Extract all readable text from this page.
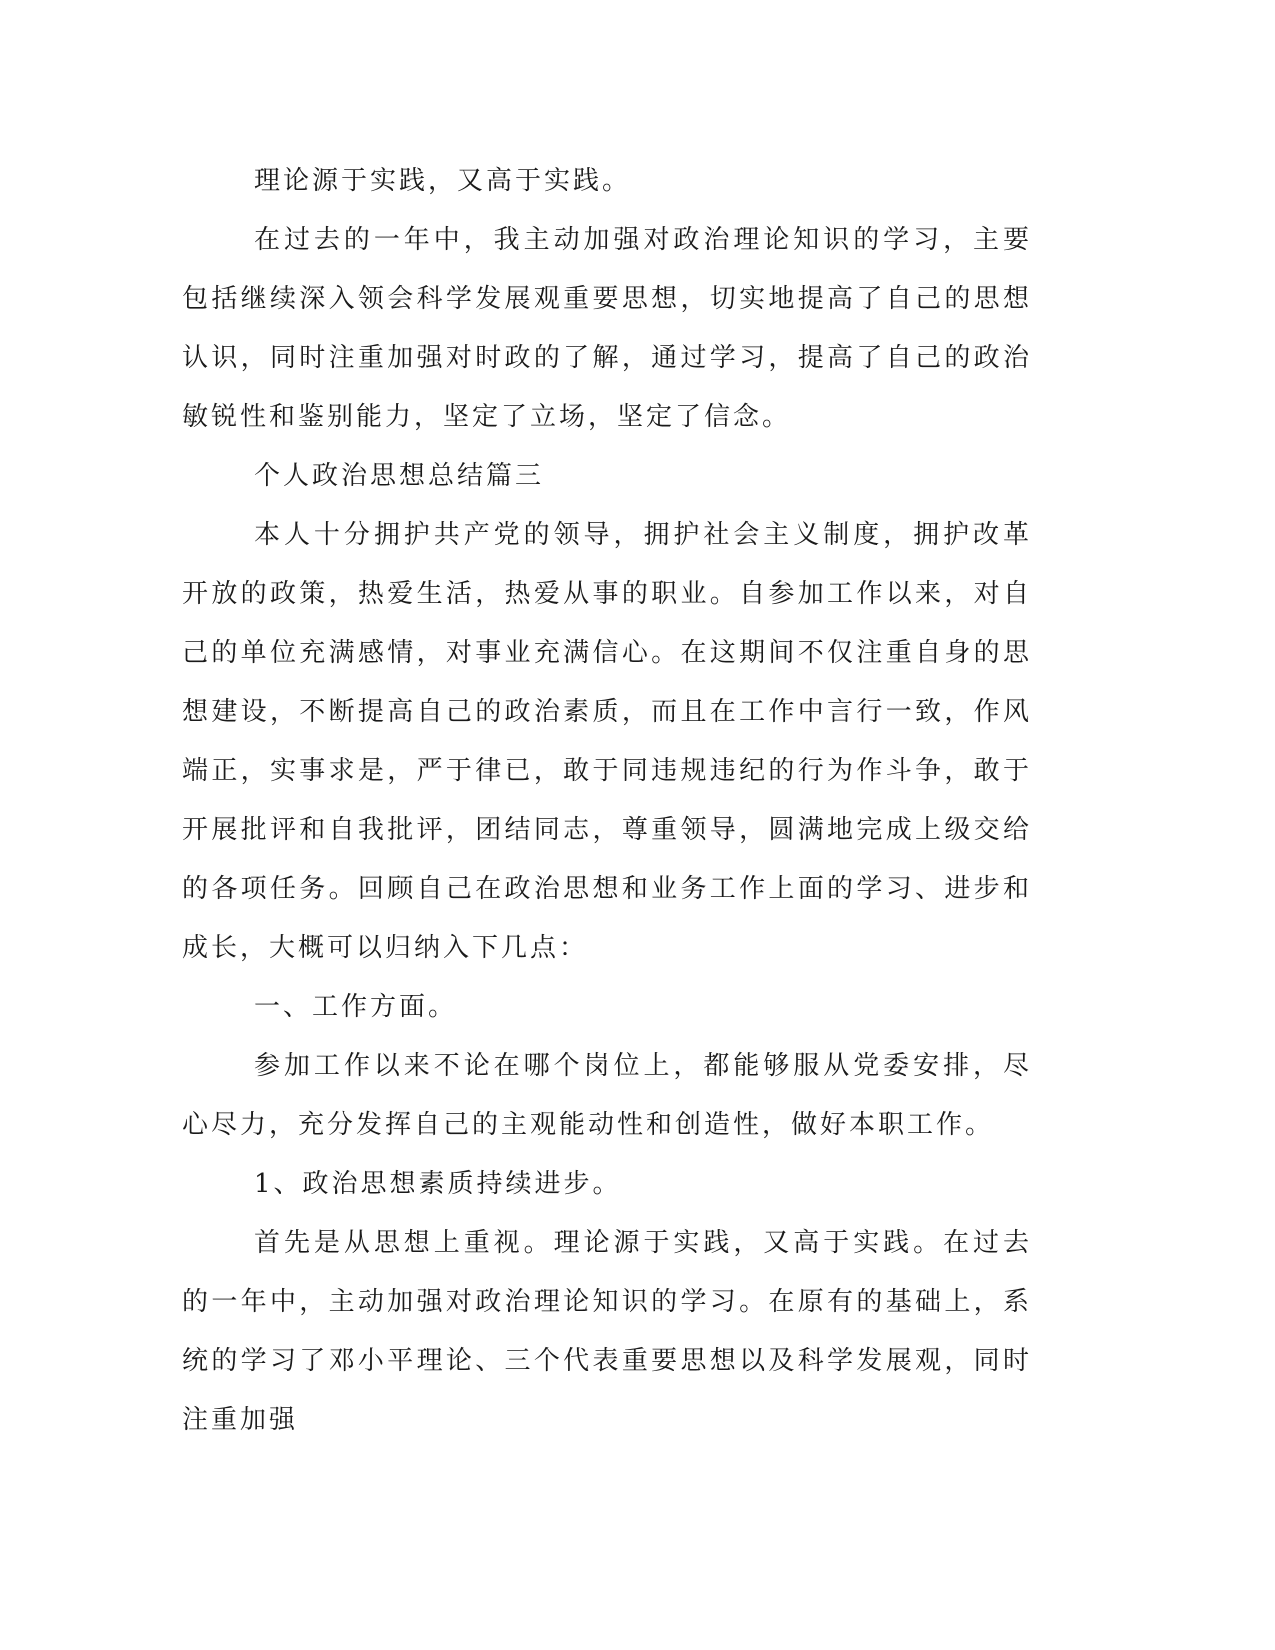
理论源于实践，又高于实践。

在过去的一年中，我主动加强对政治理论知识的学习，主要包括继续深入领会科学发展观重要思想，切实地提高了自己的思想认识，同时注重加强对时政的了解，通过学习，提高了自己的政治敏锐性和鉴别能力，坚定了立场，坚定了信念。

个人政治思想总结篇三

本人十分拥护共产党的领导，拥护社会主义制度，拥护改革开放的政策，热爱生活，热爱从事的职业。自参加工作以来，对自己的单位充满感情，对事业充满信心。在这期间不仅注重自身的思想建设，不断提高自己的政治素质，而且在工作中言行一致，作风端正，实事求是，严于律已，敢于同违规违纪的行为作斗争，敢于开展批评和自我批评，团结同志，尊重领导，圆满地完成上级交给的各项任务。回顾自己在政治思想和业务工作上面的学习、进步和成长，大概可以归纳入下几点：

一、工作方面。

参加工作以来不论在哪个岗位上，都能够服从党委安排，尽心尽力，充分发挥自己的主观能动性和创造性，做好本职工作。

1、政治思想素质持续进步。

首先是从思想上重视。理论源于实践，又高于实践。在过去的一年中，主动加强对政治理论知识的学习。在原有的基础上，系统的学习了邓小平理论、三个代表重要思想以及科学发展观，同时注重加强
